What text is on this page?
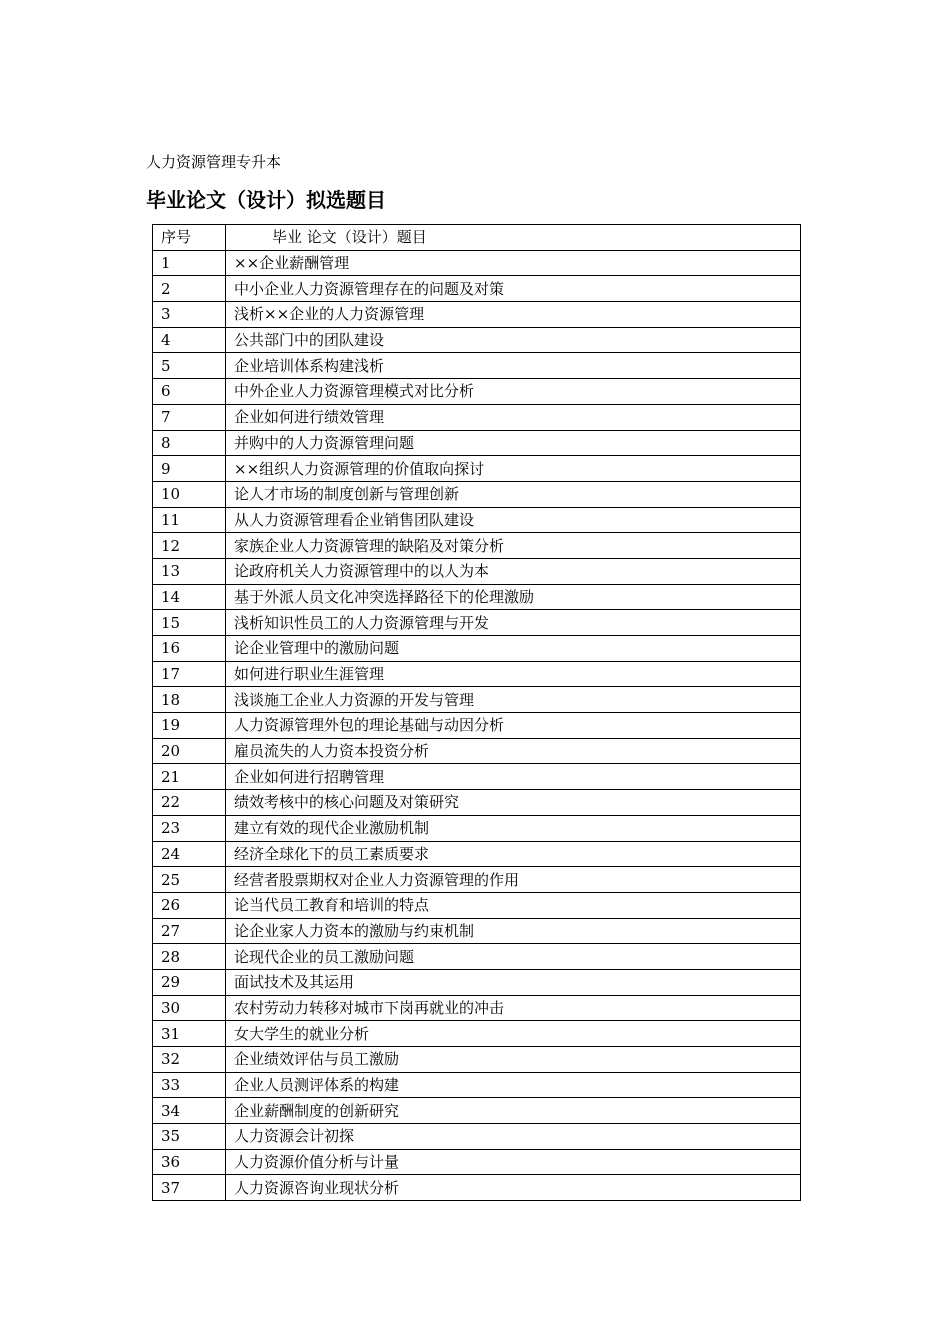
人力资源管理专升本
毕业论文（设计）拟选题目
序号	毕业 论文（设计）题目
1	××企业薪酬管理
2	中小企业人力资源管理存在的问题及对策
3	浅析××企业的人力资源管理
4	公共部门中的团队建设
5	企业培训体系构建浅析
6	中外企业人力资源管理模式对比分析
7	企业如何进行绩效管理
8	并购中的人力资源管理问题
9	××组织人力资源管理的价值取向探讨
10	论人才市场的制度创新与管理创新
11	从人力资源管理看企业销售团队建设
12	家族企业人力资源管理的缺陷及对策分析
13	论政府机关人力资源管理中的以人为本
14	基于外派人员文化冲突选择路径下的伦理激励
15	浅析知识性员工的人力资源管理与开发
16	论企业管理中的激励问题
17	如何进行职业生涯管理
18	浅谈施工企业人力资源的开发与管理
19	人力资源管理外包的理论基础与动因分析
20	雇员流失的人力资本投资分析
21	企业如何进行招聘管理
22	绩效考核中的核心问题及对策研究
23	建立有效的现代企业激励机制
24	经济全球化下的员工素质要求
25	经营者股票期权对企业人力资源管理的作用
26	论当代员工教育和培训的特点
27	论企业家人力资本的激励与约束机制
28	论现代企业的员工激励问题
29	面试技术及其运用
30	农村劳动力转移对城市下岗再就业的冲击
31	女大学生的就业分析
32	企业绩效评估与员工激励
33	企业人员测评体系的构建
34	企业薪酬制度的创新研究
35	人力资源会计初探
36	人力资源价值分析与计量
37	人力资源咨询业现状分析
